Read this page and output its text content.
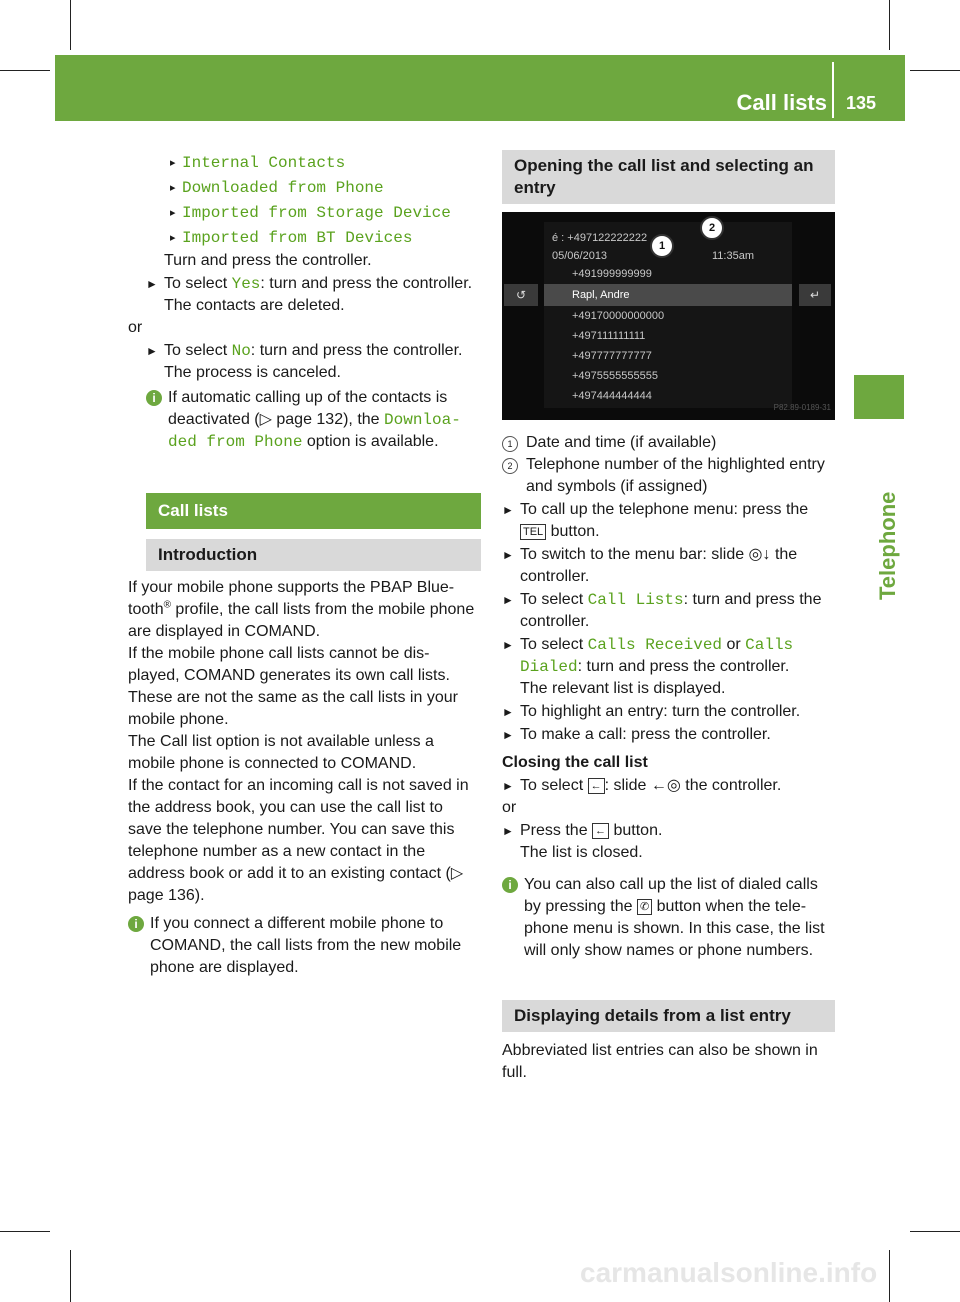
Call lists 135
Telephone
▸ Internal Contacts
▸ Downloaded from Phone
▸ Imported from Storage Device
▸ Imported from BT Devices

Turn and press the controller.

► To select Yes: turn and press the controller.
The contacts are deleted.

or

► To select No: turn and press the controller.
The process is canceled.
i If automatic calling up of the contacts is deactivated (▷ page 132), the Downloa‑ ded from Phone option is available.
Call lists
Introduction

If your mobile phone supports the PBAP Blue‑ tooth® profile, the call lists from the mobile phone are displayed in COMAND.

If the mobile phone call lists cannot be dis‑ played, COMAND generates its own call lists. These are not the same as the call lists in your mobile phone.

The Call list option is not available unless a mobile phone is connected to COMAND.

If the contact for an incoming call is not saved in the address book, you can use the call list to save the telephone number. You can save this telephone number as a new contact in the address book or add it to an existing contact (▷ page 136).

i If you connect a different mobile phone to COMAND, the call lists from the new mobile phone are displayed.
Opening the call list and selecting an entry
↺	↵
é : +497122222222
05/06/2013	11:35am
+491999999999
Rapl, Andre
+49170000000000
+497111111111
+497777777777
+4975555555555
+497444444444
1
2
P82.89-0189-31
1 Date and time (if available)
2 Telephone number of the highlighted entry and symbols (if assigned)
► To call up the telephone menu: press the TEL button.
► To switch to the menu bar: slide ◎↓ the controller.
► To select Call Lists: turn and press the controller.
► To select Calls Received or Calls Dialed: turn and press the controller.
The relevant list is displayed.
► To highlight an entry: turn the controller.
► To make a call: press the controller.

Closing the call list

► To select ← : slide ←◎ the controller.

or

► Press the ← button.
The list is closed.
i You can also call up the list of dialed calls by pressing the ✆ button when the tele‑ phone menu is shown. In this case, the list will only show names or phone numbers.
Displaying details from a list entry

Abbreviated list entries can also be shown in full.

carmanualsonline.info
